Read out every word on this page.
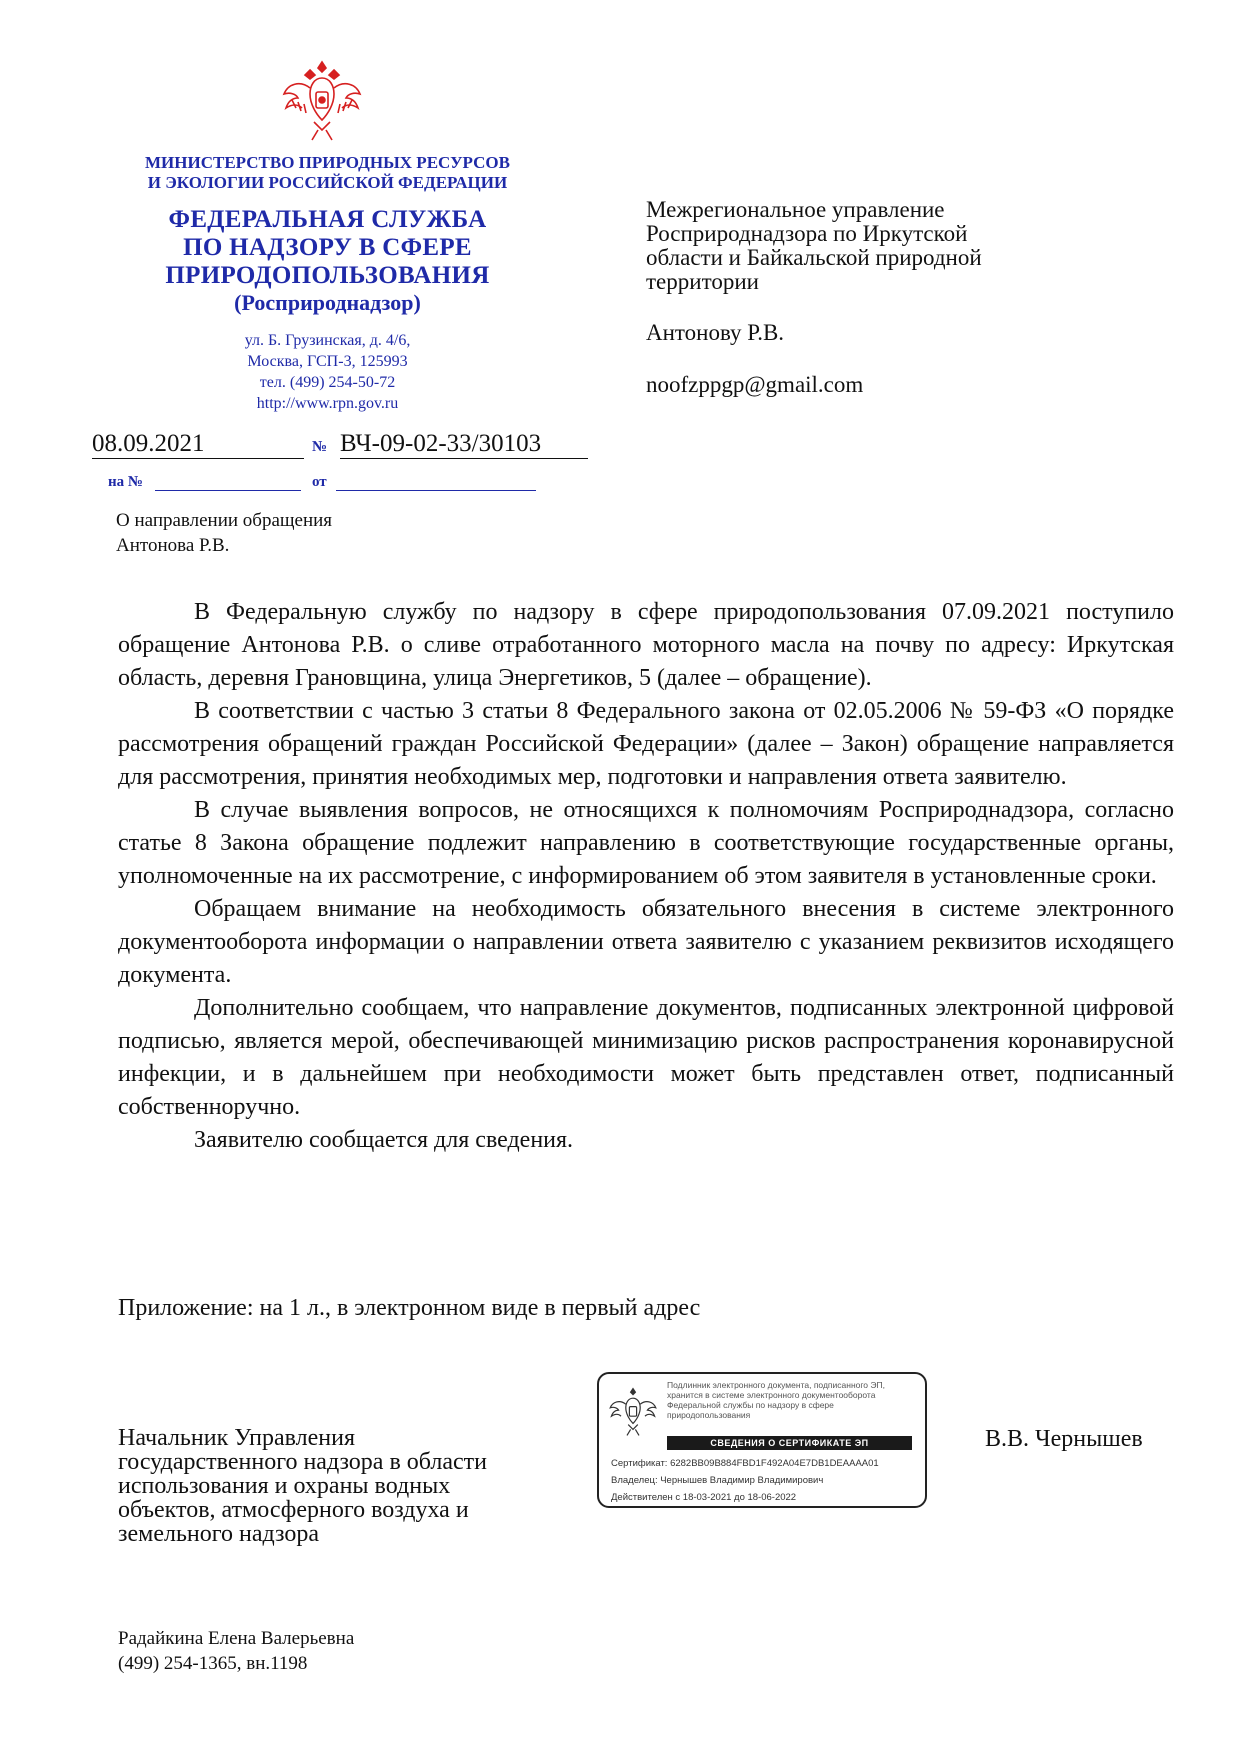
МИНИСТЕРСТВО ПРИРОДНЫХ РЕСУРСОВ
И ЭКОЛОГИИ РОССИЙСКОЙ ФЕДЕРАЦИИ
ФЕДЕРАЛЬНАЯ СЛУЖБА
ПО НАДЗОРУ В СФЕРЕ
ПРИРОДОПОЛЬЗОВАНИЯ
(Росприроднадзор)
ул. Б. Грузинская, д. 4/6,
Москва, ГСП-3, 125993
тел. (499) 254-50-72
http://www.rpn.gov.ru
08.09.2021	№ ВЧ-09-02-33/30103
на №	от
О направлении обращения
Антонова Р.В.
Межрегиональное управление
Росприроднадзора по Иркутской
области и Байкальской природной
территории
Антонову Р.В.
noofzppgp@gmail.com

В Федеральную службу по надзору в сфере природопользования 07.09.2021 поступило обращение Антонова Р.В. о сливе отработанного моторного масла на почву по адресу: Иркутская область, деревня Грановщина, улица Энергетиков, 5 (далее – обращение).

В соответствии с частью 3 статьи 8 Федерального закона от 02.05.2006 № 59-ФЗ «О порядке рассмотрения обращений граждан Российской Федерации» (далее – Закон) обращение направляется для рассмотрения, принятия необходимых мер, подготовки и направления ответа заявителю.

В случае выявления вопросов, не относящихся к полномочиям Росприроднадзора, согласно статье 8 Закона обращение подлежит направлению в соответствующие государственные органы, уполномоченные на их рассмотрение, с информированием об этом заявителя в установленные сроки.

Обращаем внимание на необходимость обязательного внесения в системе электронного документооборота информации о направлении ответа заявителю с указанием реквизитов исходящего документа.

Дополнительно сообщаем, что направление документов, подписанных электронной цифровой подписью, является мерой, обеспечивающей минимизацию рисков распространения коронавирусной инфекции, и в дальнейшем при необходимости может быть представлен ответ, подписанный собственноручно.

Заявителю сообщается для сведения.

Приложение: на 1 л., в электронном виде в первый адрес
Начальник Управления
государственного надзора в области
использования и охраны водных
объектов, атмосферного воздуха и
земельного надзора
Подлинник электронного документа, подписанного ЭП, хранится в системе электронного документооборота Федеральной службы по надзору в сфере природопользования
СВЕДЕНИЯ О СЕРТИФИКАТЕ ЭП
Сертификат: 6282BB09B884FBD1F492A04E7DB1DEAAAA01
Владелец: Чернышев Владимир Владимирович
Действителен с 18-03-2021 до 18-06-2022
В.В. Чернышев
Радайкина Елена Валерьевна
(499) 254-1365, вн.1198
